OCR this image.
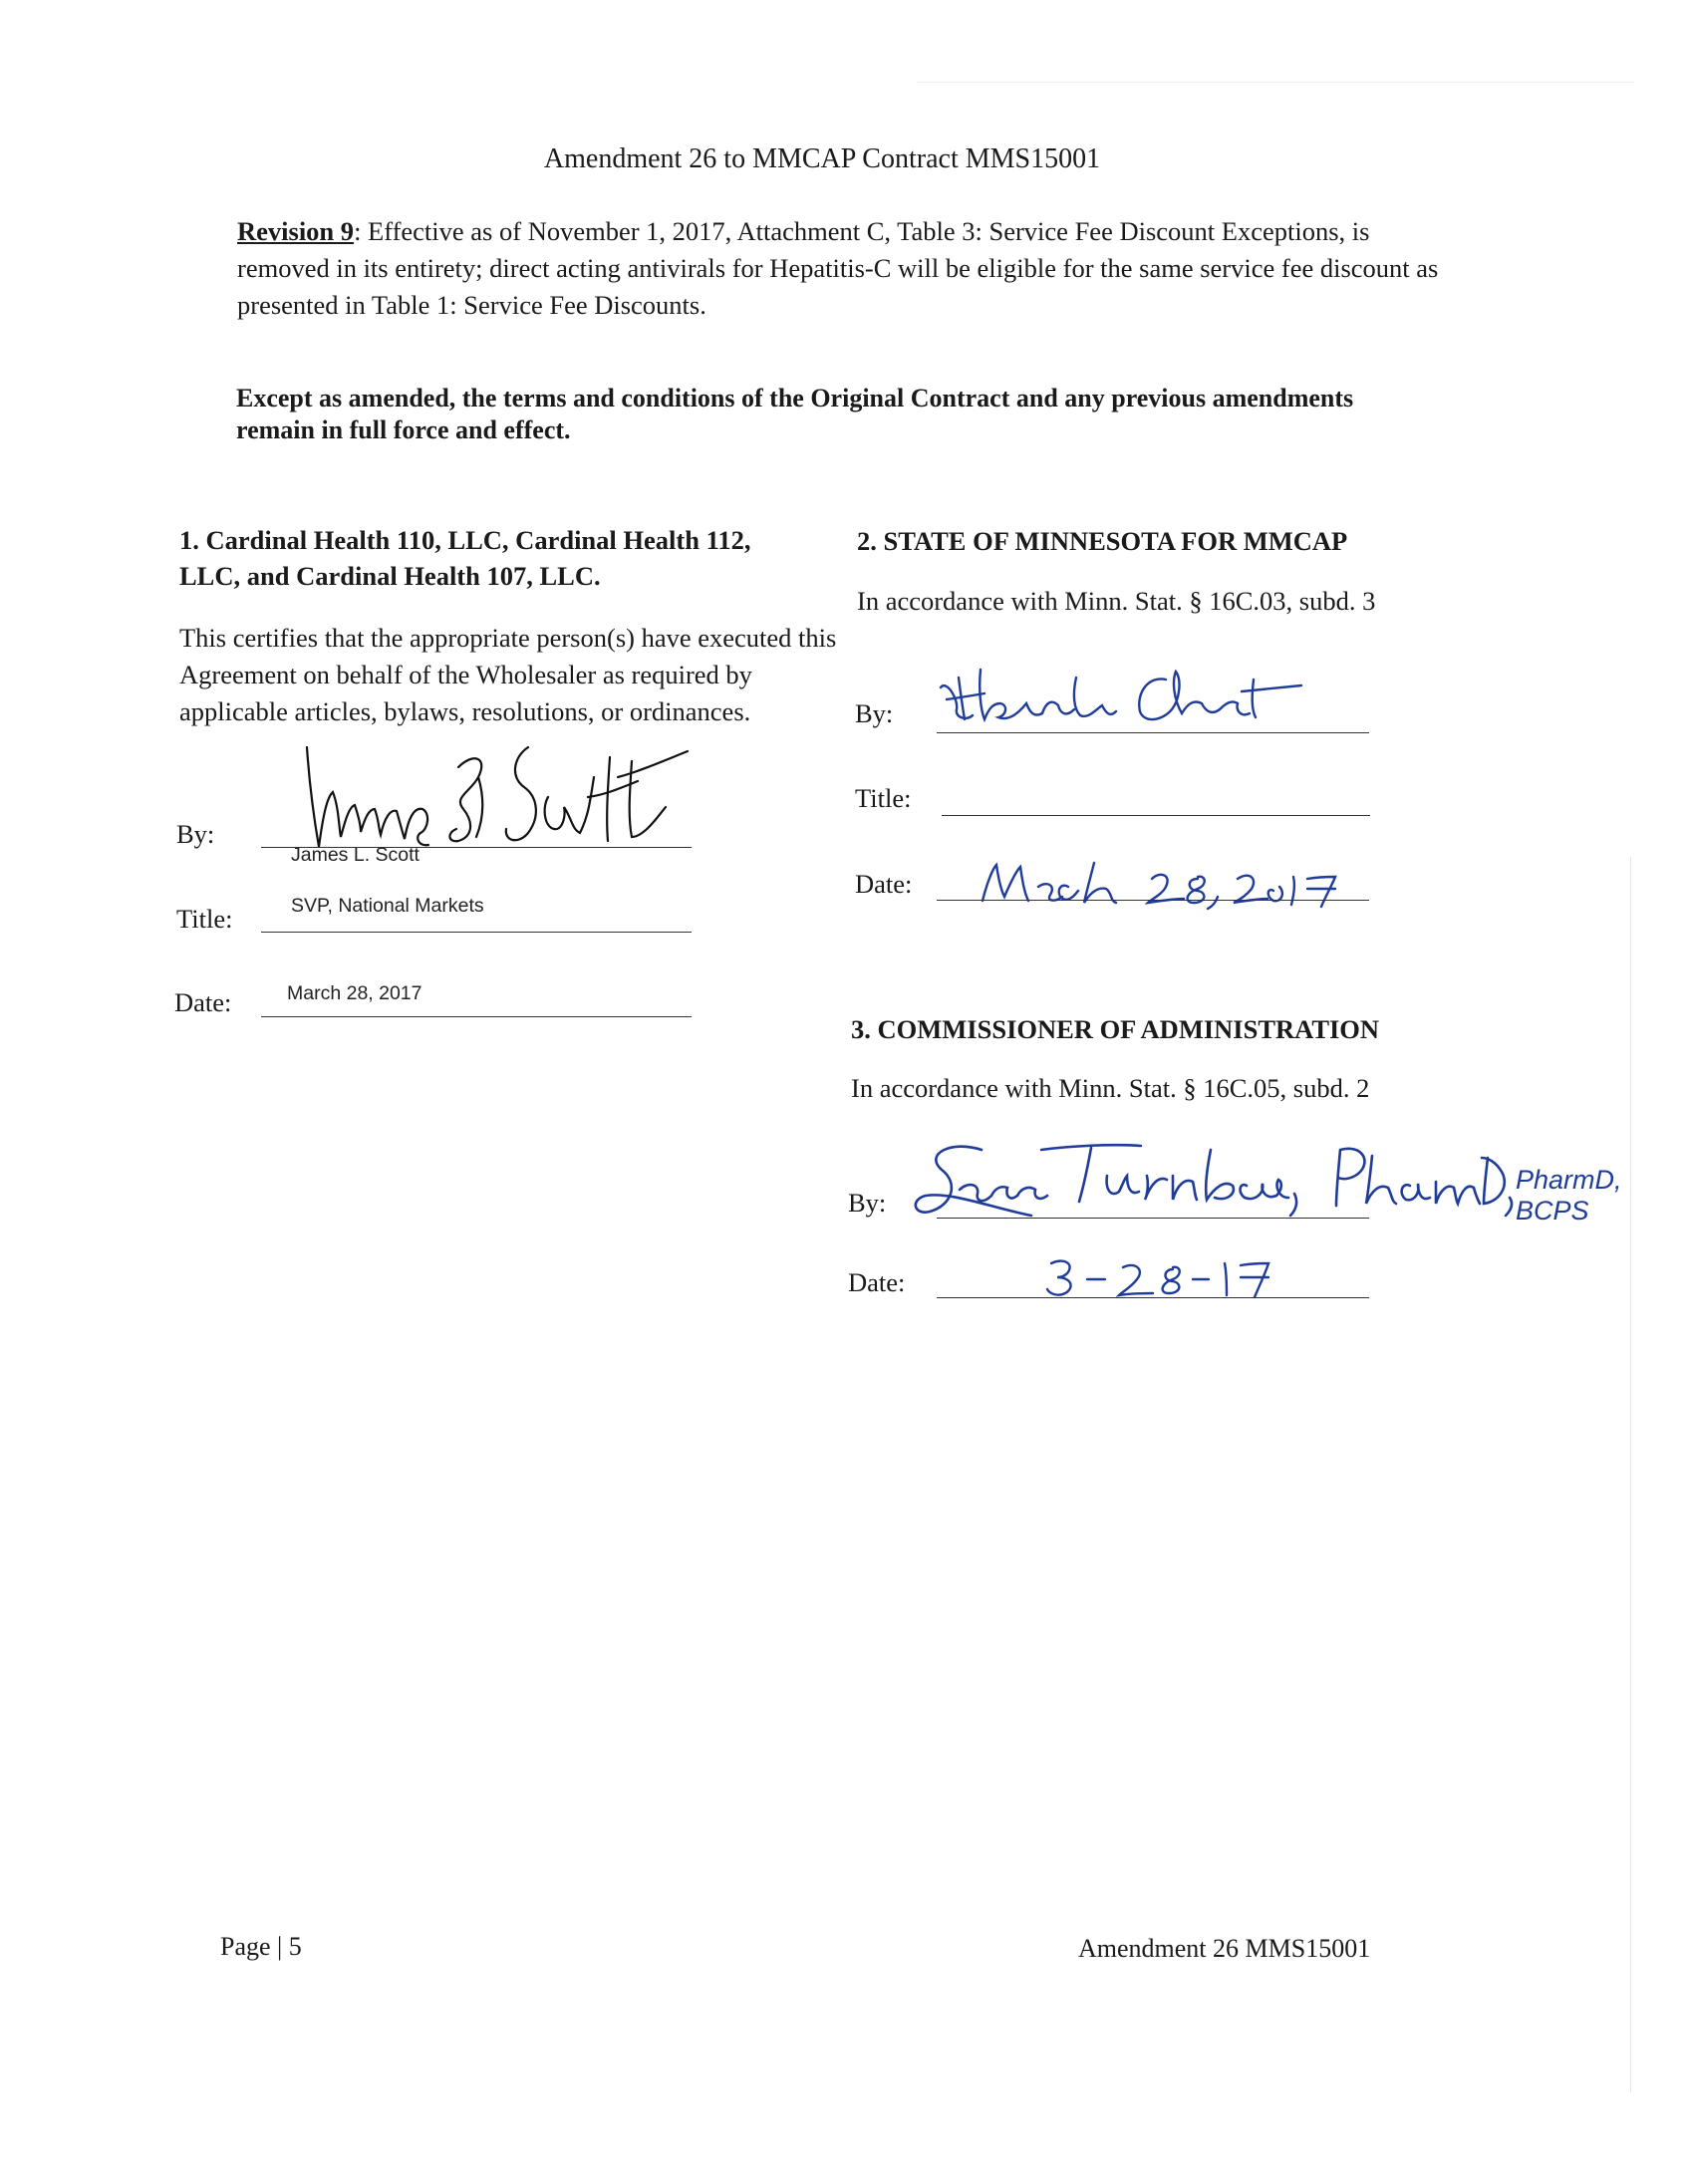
Amendment 26 to MMCAP Contract MMS15001
Revision 9: Effective as of November 1, 2017, Attachment C, Table 3: Service Fee Discount Exceptions, is removed in its entirety; direct acting antivirals for Hepatitis-C will be eligible for the same service fee discount as presented in Table 1: Service Fee Discounts.
Except as amended, the terms and conditions of the Original Contract and any previous amendments remain in full force and effect.
1. Cardinal Health 110, LLC, Cardinal Health 112,
LLC, and Cardinal Health 107, LLC.
This certifies that the appropriate person(s) have executed this Agreement on behalf of the Wholesaler as required by applicable articles, bylaws, resolutions, or ordinances.
By:
James L. Scott
Title:	SVP, National Markets
Date:	March 28, 2017
2. STATE OF MINNESOTA FOR MMCAP
In accordance with Minn. Stat. § 16C.03, subd. 3
By:
Title:
Date:
3. COMMISSIONER OF ADMINISTRATION
In accordance with Minn. Stat. § 16C.05, subd. 2
By:
PharmD, BCPS
Date:
Page | 5	Amendment 26 MMS15001
